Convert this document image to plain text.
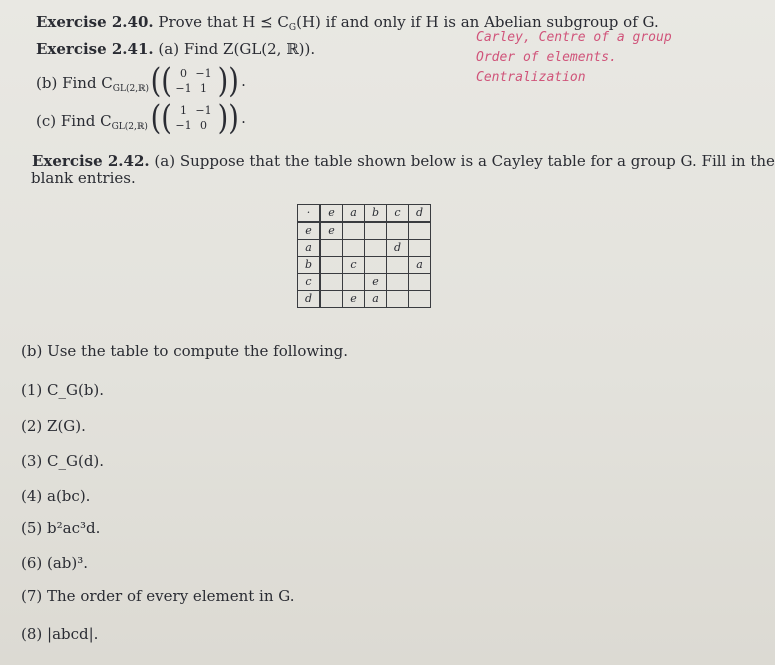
Exercise 2.40. Prove that H ⪯ $C_G(H)$ if and only if H is an Abelian subgroup of G.
Exercise 2.41. (a) Find Z(GL(2, ℝ)).
Carley, Centre of a group
Order of elements.
Centralization
(b) Find $C_{GL(2,ℝ)}$ (( 0 −1
−1 1 )) .
(c) Find $C_{GL(2,ℝ)}$ (( 1 −1
−1 0 )) .
Exercise 2.42. (a) Suppose that the table shown below is a Cayley table for a group G. Fill in the
blank entries.
·	e	a	b	c	d
e	e				
a				d	
b		c			a
c			e		
d		e	a		
(b) Use the table to compute the following.
(1) C_G(b).
(2) Z(G).
(3) C_G(d).
(4) a(bc).
(5) b²ac³d.
(6) (ab)³.
(7) The order of every element in G.
(8) |abcd|.
